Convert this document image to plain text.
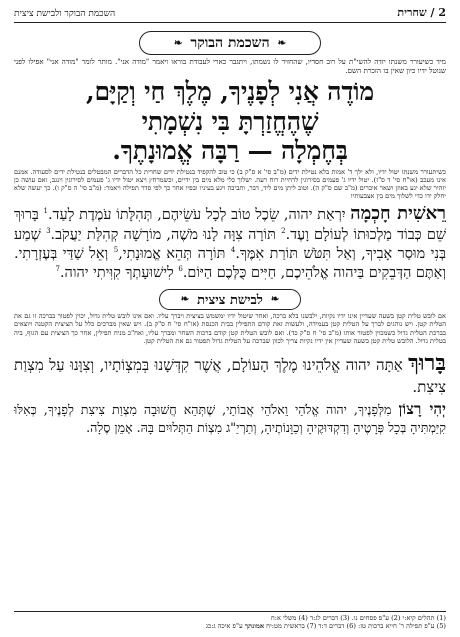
2 / שחרית
השכמת הבוקר ולבישת ציצית
❧
השכמת הבוקר
❧

מיד כשיעורר משנתו יזדה להשי"ת על רוב חסדיו, שהחזיר לו נשמתו, ויתגבר כארי לעבודת בוראו ויאמר "מודה אני". מותר לומר "מודה אני" אפילו לפני שנוטל ידיו כיון שאין בו הזכרת השם.

מוֹדֶה אֲנִי לְפָנֶיךָ, מֶלֶךְ חַי וְקַיָּם,
שֶׁהֶחֱזַרְתָּ בִּי נִשְׁמָתִי
בְּחֶמְלָה — רַבָּה אֱמוּנָתֶךָ.

כשיתעורר משנתו יטול ידיו, ולא ילך ד' אמות בלא נטילת ידים (מ"ב סי' א ס"ק ב) כי טוב להקפיד בנטילת ידים שחרית כל הדברים המבטלים בנטילת ידים לסעודה. אמנם אינו מעכב (או"ח סי' ד ס"ז). יטול ידיו ג' פעמים בסירוגין לדחיית רוח רעה. ישלוך כלי מלא מים בין ידיים, וכשמרחץ ויצא יטול ידיו ג' פעמים לסירוגין וינגב, ואם עושה כן יזהיר שלא יגע באוזן ושאר איברים (מ"ב שם ס"ק ה). וטוב ליתן מים ליד, דבר, ותביבה ויגע בעיניו ובפיו אחר כך לפי סדר תפילה ויאמר: (מ"ב סי' ה ס"ק ו). כך יעשה שלא יחלק ידו כדי לשלוך מים בין אצבעותיו

רֵאשִׁית חָכְמָה יִרְאַת יהוה, שֵׂכֶל טוֹב לְכָל עֹשֵׂיהֶם, תְּהִלָּתוֹ עֹמֶדֶת לָעַד.$^1$ בָּרוּךְ שֵׁם כְּבוֹד מַלְכוּתוֹ לְעוֹלָם וָעֶד.$^2$ תּוֹרָה צִוָּה לָנוּ מֹשֶׁה, מוֹרָשָׁה קְהִלַּת יַעֲקֹב.$^3$ שְׁמַע בְּנִי מוּסַר אָבִיךָ, וְאַל תִּטֹּשׁ תּוֹרַת אִמֶּךָ.$^4$ תּוֹרָה תְּהֵא אֱמוּנָתִי,$^5$ וְאֵל שַׁדַּי בְּעֶזְרָתִי. וְאַתֶּם הַדְּבֵקִים בַּיהוה אֱלֹהֵיכֶם, חַיִּים כֻּלְּכֶם הַיּוֹם.$^6$ לִישׁוּעָתְךָ קִוִּיתִי יהוה.$^7$

❧
לבישת ציצית
❧

אם לובש טלית קטן בשעה שעדיין אינו ידיו נקיות, ילבשנו בלא ברכה, ואחר שיטול ידיו ימשמש בציצית ויברך עליו. ואם אינו לובש טלית גדול, יכוין לפטור בברכה זו גם את הטלית קטן. ויש נוהגים לברך על הטלית קטן בעמידה, ולעשות זאת קודם התפילין בבית הכנסת (או"ח סי' ח ס"ק ב). ויש שאין מברכים כלל על הציצית הקטנה ויוצאים בברכת הטלית גדול כשמכוין לפטור אותו (מ"ב סי' ח ס"ק כד). ואם לובש הטלית קטן קודם ברכות השחר ומברך עליו, ואח"כ מניח תפילין, אחר כך הציצית עם הגוף, ביה בטלית גדול. הלובש טלית קטן בשעה שעדיין אין ידיו נקיות צריך לכוון שברכה על הטלית גדול תפטור גם את הטלית קטן.

בָּרוּךְ אַתָּה יהוה אֱלֹהֵינוּ מֶלֶךְ הָעוֹלָם, אֲשֶׁר קִדְּשָׁנוּ בְּמִצְוֹתָיו, וְצִוָּנוּ עַל מִצְוַת צִיצִת.

יְהִי רָצוֹן מִלְּפָנֶיךָ, יהוה אֱלֹהַי וֵאלֹהֵי אֲבוֹתַי, שֶׁתְּהֵא חֲשׁוּבָה מִצְוַת צִיצִת לְפָנֶיךָ, כְּאִלּוּ קִיַּמְתִּיהָ בְּכָל פְּרָטֶיהָ וְדִקְדּוּקֶיהָ וְכַוָּנוֹתֶיהָ, וְתַרְיַ"ג מִצְוֹת הַתְּלוּיִם בָּהּ. אָמֵן סֶלָה.

(1) תהלים קיא:י (2) ע"פ פסחים נו. (3) דברים לג:ד (4) משלי א:ח
(5) ע"פ תפילה ר' חייא ברכות טז: (6) דברים ד:ד (7) בראשית מט:יח אמונתך ע"פ איכה ג:כג
